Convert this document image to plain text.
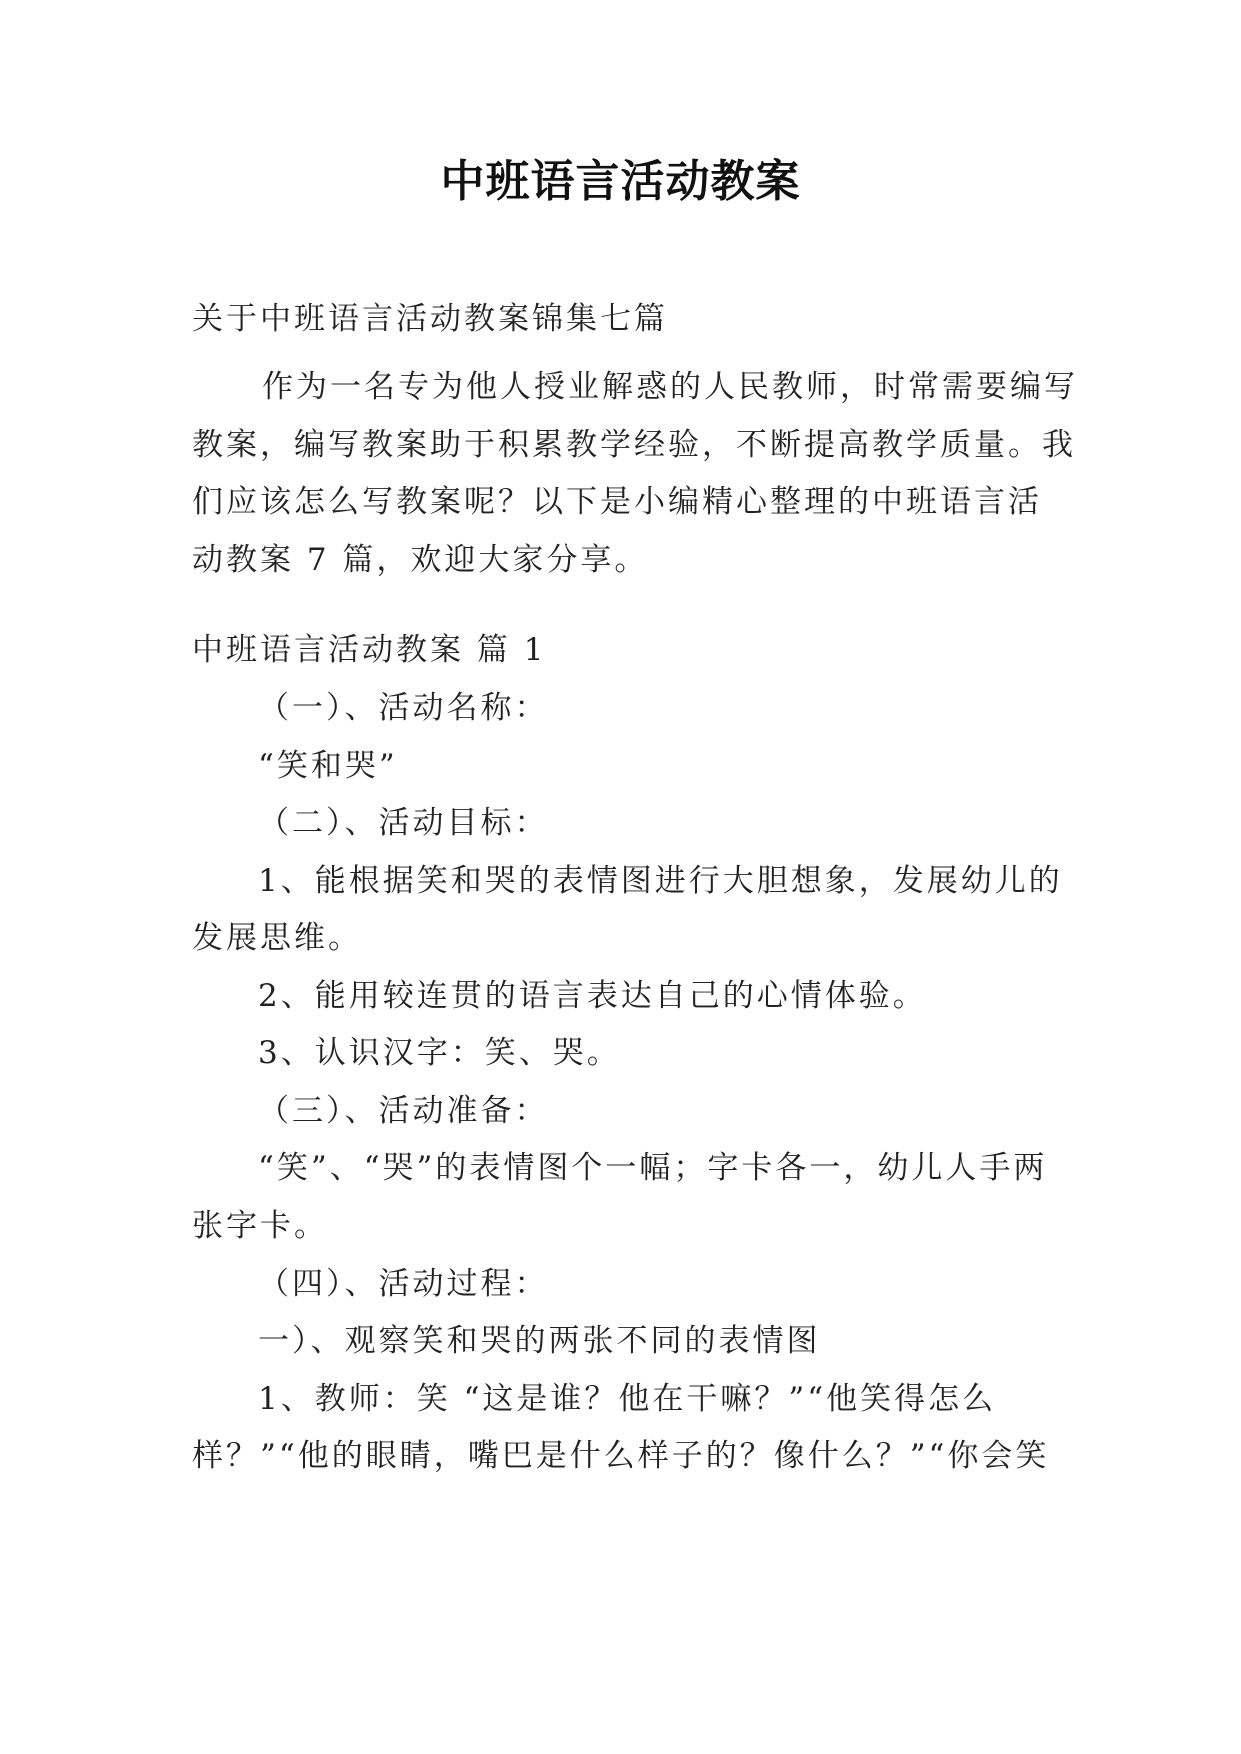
中班语言活动教案
关于中班语言活动教案锦集七篇
作为一名专为他人授业解惑的人民教师，时常需要编写
教案，编写教案助于积累教学经验，不断提高教学质量。我
们应该怎么写教案呢？以下是小编精心整理的中班语言活
动教案 7 篇，欢迎大家分享。
中班语言活动教案 篇 1
（一）、活动名称：
“笑和哭”
（二）、活动目标：
1、能根据笑和哭的表情图进行大胆想象，发展幼儿的
发展思维。
2、能用较连贯的语言表达自己的心情体验。
3、认识汉字：笑、哭。
（三）、活动准备：
“笑”、“哭”的表情图个一幅；字卡各一，幼儿人手两
张字卡。
（四）、活动过程：
一）、观察笑和哭的两张不同的表情图
1、教师：笑 “这是谁？他在干嘛？”“他笑得怎么
样？”“他的眼睛，嘴巴是什么样子的？像什么？”“你会笑
